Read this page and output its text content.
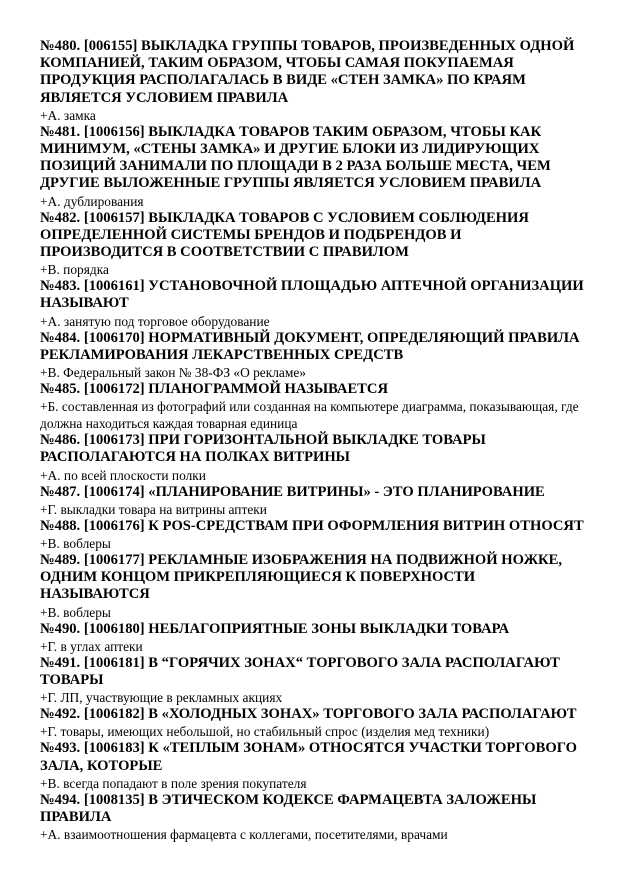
№480. [006155] ВЫКЛАДКА ГРУППЫ ТОВАРОВ, ПРОИЗВЕДЕННЫХ ОДНОЙ КОМПАНИЕЙ, ТАКИМ ОБРАЗОМ, ЧТОБЫ САМАЯ ПОКУПАЕМАЯ ПРОДУКЦИЯ РАСПОЛАГАЛАСЬ В ВИДЕ «СТЕН ЗАМКА» ПО КРАЯМ ЯВЛЯЕТСЯ УСЛОВИЕМ ПРАВИЛА

+А. замка

№481. [1006156] ВЫКЛАДКА ТОВАРОВ ТАКИМ ОБРАЗОМ, ЧТОБЫ КАК МИНИМУМ, «СТЕНЫ ЗАМКА» И ДРУГИЕ БЛОКИ ИЗ ЛИДИРУЮЩИХ ПОЗИЦИЙ ЗАНИМАЛИ ПО ПЛОЩАДИ В 2 РАЗА БОЛЬШЕ МЕСТА, ЧЕМ ДРУГИЕ ВЫЛОЖЕННЫЕ ГРУППЫ ЯВЛЯЕТСЯ УСЛОВИЕМ ПРАВИЛА

+А. дублирования

№482. [1006157] ВЫКЛАДКА ТОВАРОВ С УСЛОВИЕМ СОБЛЮДЕНИЯ ОПРЕДЕЛЕННОЙ СИСТЕМЫ БРЕНДОВ И ПОДБРЕНДОВ И ПРОИЗВОДИТСЯ В СООТВЕТСТВИИ С ПРАВИЛОМ

+В. порядка

№483. [1006161] УСТАНОВОЧНОЙ ПЛОЩАДЬЮ АПТЕЧНОЙ ОРГАНИЗАЦИИ НАЗЫВАЮТ

+А. занятую под торговое оборудование

№484. [1006170] НОРМАТИВНЫЙ ДОКУМЕНТ, ОПРЕДЕЛЯЮЩИЙ ПРАВИЛА РЕКЛАМИРОВАНИЯ ЛЕКАРСТВЕННЫХ СРЕДСТВ

+В. Федеральный закон № 38-ФЗ «О рекламе»

№485. [1006172] ПЛАНОГРАММОЙ НАЗЫВАЕТСЯ

+Б. составленная из фотографий или созданная на компьютере диаграмма, показывающая, где должна находиться каждая товарная единица

№486. [1006173] ПРИ ГОРИЗОНТАЛЬНОЙ ВЫКЛАДКЕ ТОВАРЫ РАСПОЛАГАЮТСЯ НА ПОЛКАХ ВИТРИНЫ

+А. по всей плоскости полки

№487. [1006174] «ПЛАНИРОВАНИЕ ВИТРИНЫ» - ЭТО ПЛАНИРОВАНИЕ

+Г. выкладки товара на витрины аптеки

№488. [1006176] К POS-СРЕДСТВАМ ПРИ ОФОРМЛЕНИЯ ВИТРИН ОТНОСЯТ

+В. воблеры

№489. [1006177] РЕКЛАМНЫЕ ИЗОБРАЖЕНИЯ НА ПОДВИЖНОЙ НОЖКЕ, ОДНИМ КОНЦОМ ПРИКРЕПЛЯЮЩИЕСЯ К ПОВЕРХНОСТИ НАЗЫВАЮТСЯ

+В. воблеры

№490. [1006180] НЕБЛАГОПРИЯТНЫЕ ЗОНЫ ВЫКЛАДКИ ТОВАРА

+Г. в углах аптеки

№491. [1006181] В “ГОРЯЧИХ ЗОНАХ“ ТОРГОВОГО ЗАЛА РАСПОЛАГАЮТ ТОВАРЫ

+Г. ЛП, участвующие в рекламных акциях

№492. [1006182] В «ХОЛОДНЫХ ЗОНАХ» ТОРГОВОГО ЗАЛА РАСПОЛАГАЮТ

+Г. товары, имеющих небольшой, но стабильный спрос (изделия мед техники)

№493. [1006183] К «ТЕПЛЫМ ЗОНАМ» ОТНОСЯТСЯ УЧАСТКИ ТОРГОВОГО ЗАЛА, КОТОРЫЕ

+В. всегда попадают в поле зрения покупателя

№494. [1008135] В ЭТИЧЕСКОМ КОДЕКСЕ ФАРМАЦЕВТА ЗАЛОЖЕНЫ ПРАВИЛА

+А. взаимоотношения фармацевта с коллегами, посетителями, врачами
